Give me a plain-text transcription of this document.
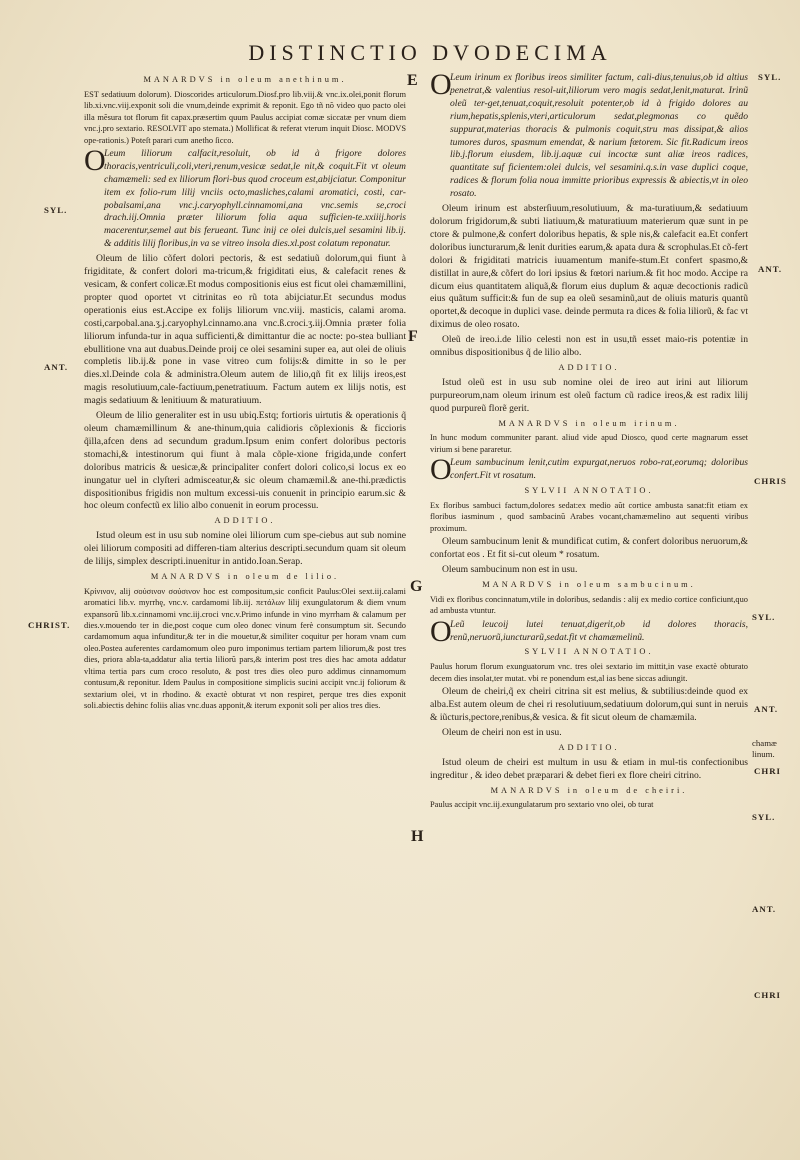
DISTINCTIO DVODECIMA
E
F
G
H
SYL.
ANT.
CHRIST.
SYL.
ANT.
CHRIS
SYL.
ANT.
chamæ linum.
CHRI
SYL.
ANT.
CHRI

MANARDVS in oleum anethinum.

EST sedatiuum dolorum). Dioscorides articulorum.Diosf.pro lib.viij.& vnc.ix.olei,ponit florum lib.xi.vnc.viij.exponit soli die vnum,deinde exprimit & reponit. Ego tñ nõ video quo pacto olei illa mẽsura tot florum fit capax.præsertim quum Paulus accipiat comæ siccatæ per vnum diem vnc.j.pro sextario. RESOLVIT apo stemata.) Mollificat & referat vterum inquit Diosc. MODVS ope-rationis.) Poteſt parari cum anetho ſicco.

O
Leum liliorum calfacit,resoluit, ob id à frigore dolores thoracis,ventriculi,coli,vteri,renum,vesicæ sedat,le nit,& coquit.Fit vt oleum chamæmeli: sed ex liliorum flori-bus quod croceum est,abijciatur. Componitur item ex folio-rum lilij vnciis octo,masliches,calami aromatici, costi, car-pobalsami,ana vnc.j.caryophyll.cinnamomi,ana vnc.semis se,croci drach.iij.Omnia præter liliorum folia aqua sufficien-te.xxiiij.horis macerentur,semel aut bis ferueant. Tunc inij ce olei dulcis,uel sesamini lib.ij. & additis lilij floribus,in va se vitreo insola dies.xl.post colatum reponatur.

Oleum de lilio cõfert dolori pectoris, & est sedatiuũ dolorum,qui fiunt à frigiditate, & confert dolori ma-tricum,& frigiditati eius, & calefacit renes & vesicam, & confert colicæ.Et modus compositionis eius est ficut olei chamæmillini, propter quod oportet vt citrinitas eo rũ tota abijciatur.Et secundus modus operationis eius est.Accipe ex folijs liliorum vnc.viij. masticis, calami aroma. costi,carpobal.ana.ʒ.j.caryophyl.cinnamo.ana vnc.ß.croci.ʒ.iij.Omnia præter folia liliorum infunda-tur in aqua sufficienti,& dimittantur die ac nocte: po-stea bulliant ebullitione vna aut duabus.Deinde proij ce olei sesamini super ea, aut olei de oliuis completis lib.ij.& pone in vase vitreo cum folijs:& dimitte in so le per dies.xl.Deinde cola & administra.Oleum autem de lilio,qñ fit ex lilijs ireos,est magis resolutiuum,cale-factiuum,penetratiuum. Factum autem ex lilijs notis, est magis sedatiuum & lenitiuum & maturatiuum.

Oleum de lilio generaliter est in usu ubiq.Estq; fortioris uirtutis & operationis q̃ oleum chamæmillinum & ane-thinum,quia calidioris cõplexionis & ficcioris q̃illa,afcen dens ad secundum gradum.Ipsum enim confert doloribus pectoris stomachi,& intestinorum qui fiunt à mala cõple-xione frigida,unde confert doloribus matricis & uesicæ,& principaliter confert dolori colico,si locus ex eo inungatur uel in clyſteri admisceatur,& sic oleum chamæmil.& ane-thi.prædictis dispositionibus frigidis non multum excessi-uis conuenit in principio earum.sic & hoc oleum confectũ ex lilio albo conuenit in eorum processu.

ADDITIO.

Istud oleum est in usu sub nomine olei liliorum cum spe-ciebus aut sub nomine olei liliorum compositi ad differen-tiam alterius descripti.secundum quam sit oleum de lilijs, simplex descripti.inuenitur in antido.Ioan.Serap.

MANARDVS in oleum de lilio.

Κρίνινον, alij σούσινον σούσινον hoc est compositum,sic conficit Paulus:Olei sext.iij.calami aromatici lib.v. myrrhę, vnc.v. cardamomi lib.iij. πετάλων lilij exungulatorum & diem vnum expansorũ lib.x.cinnamomi vnc.iij.croci vnc.v.Primo infunde in vino myrrham & calamum per dies.v.mouendo ter in die,post coque cum oleo donec vinum ferè consumptum sit. Secundo cardamomum aqua infunditur,& ter in die mouetur,& similiter coquitur per horam vnam cum oleo.Postea auferentes cardamomum oleo puro imponimus tertiam partem liliorum,& post tres dies, priora abla-ta,addatur alia tertia liliorũ pars,& interim post tres dies hac amota addatur vltima tertia pars cum croco resoluto, & post tres dies oleo puro addimus cinnamomum contusum,& reponitur. Idem Paulus in compositione simplicis sucini accipit vnc.ij foliorum & sextarium olei, vt in rhodino. & exactè obturat vt non respiret, perque tres dies exponit soli.abiectis dehinc foliis alias vnc.duas apponit,& iterum exponit soli per alios tres dies.

O
Leum irinum ex floribus ireos similiter factum, cali-dius,tenuius,ob id altius penetrat,& valentius resol-uit,liliorum vero magis sedat,lenit,maturat. Irinũ oleũ ter-get,tenuat,coquit,resoluit potenter,ob id à frigido dolores au rium,hepatis,splenis,vteri,articulorum sedat,plegmonas co quẽdo suppurat,materias thoracis & pulmonis coquit,stru mas dissipat,& alios tumores duros, spasmum emendat, & narium fœtorem. Sic fit.Radicum ireos lib.j.florum eiusdem, lib.ij.aquæ cui incoctæ sunt aliæ ireos radices, quantitate suf ficientem:olei dulcis, vel sesamini.q.s.in vase duplici coque, radices & florum folia noua immitte prioribus expressis & abiectis,vt in oleo rosato.

Oleum irinum est absterſiuum,resolutiuum, & ma-turatiuum,& sedatiuum dolorum frigidorum,& subti liatiuum,& maturatiuum materierum quæ sunt in pe ctore & pulmone,& confert doloribus hepatis, & sple nis,& calefacit ea.Et confert doloribus iuncturarum,& lenit durities earum,& apata dura & scrophulas.Et cõ-fert dolori & frigiditati matricis iuuamentum manife-stum.Et confert spasmo,& distillat in aure,& cõfert do lori ipsius & fœtori narium.& fit hoc modo. Accipe ra dicum eius quantitatem aliquã,& florum eius duplum & aquæ decoctionis radicũ eius quãtum sufficit:& fun de sup ea oleũ sesaminũ,aut de oliuis maturis quantũ oportet,& decoque in duplici vase. deinde permuta ra dices & folia liliorũ, & fac vt diximus de oleo rosato.

Oleũ de ireo.i.de lilio celesti non est in usu,tñ esset maio-ris potentiæ in omnibus dispositionibus q̃ de lilio albo.

ADDITIO.

Istud oleũ est in usu sub nomine olei de ireo aut irini aut liliorum purpureorum,nam oleum irinum est oleũ factum cũ radice ireos,& est radix lilij quod purpureũ florẽ gerit.

MANARDVS in oleum irinum.

In hunc modum communiter parant. aliud vide apud Diosco, quod certe magnarum esset virium si bene pararetur.

O
Leum sambucinum lenit,cutim expurgat,neruos robo-rat,eorumq; doloribus confert.Fit vt rosatum.

SYLVII ANNOTATIO.

Ex floribus sambuci factum,dolores sedat:ex medio aũt cortice ambusta sanat:fit etiam ex floribus iasminum , quod sambacinũ Arabes vocant,chamæmelino aut sequenti viribus proximum.

Oleum sambucinum lenit & mundificat cutim, & confert doloribus neruorum,& confortat eos . Et fit si-cut oleum * rosatum.

Oleum sambucinum non est in usu.

MANARDVS in oleum sambucinum.

Vidi ex floribus concinnatum,vtile in doloribus, sedandis : alij ex medio cortice conficiunt,quo ad ambusta vtuntur.

O
Leũ leucoij lutei tenuat,digerit,ob id dolores thoracis, renũ,neruorũ,iuncturarũ,sedat.fit vt chamæmelinũ.

SYLVII ANNOTATIO.

Paulus horum florum exunguatorum vnc. tres olei sextario im mittit,in vase exactè obturato decem dies insolat,ter mutat. vbi re ponendum est,al ias bene siccas adiungit.

Oleum de cheiri,q̃ ex cheiri citrina sit est melius, & subtilius:deinde quod ex alba.Est autem oleum de chei ri resolutiuum,sedatiuum dolorum,qui sunt in neruis & iũcturis,pectore,renibus,& vesica. & fit sicut oleum de chamæmila.

Oleum de cheiri non est in usu.

ADDITIO.

Istud oleum de cheiri est multum in usu & etiam in mul-tis confectionibus ingreditur , & ideo debet præparari & debet fieri ex flore cheiri citrino.

MANARDVS in oleum de cheiri.

Paulus accipit vnc.iij.exungulatarum pro sextario vno olei, ob turat
